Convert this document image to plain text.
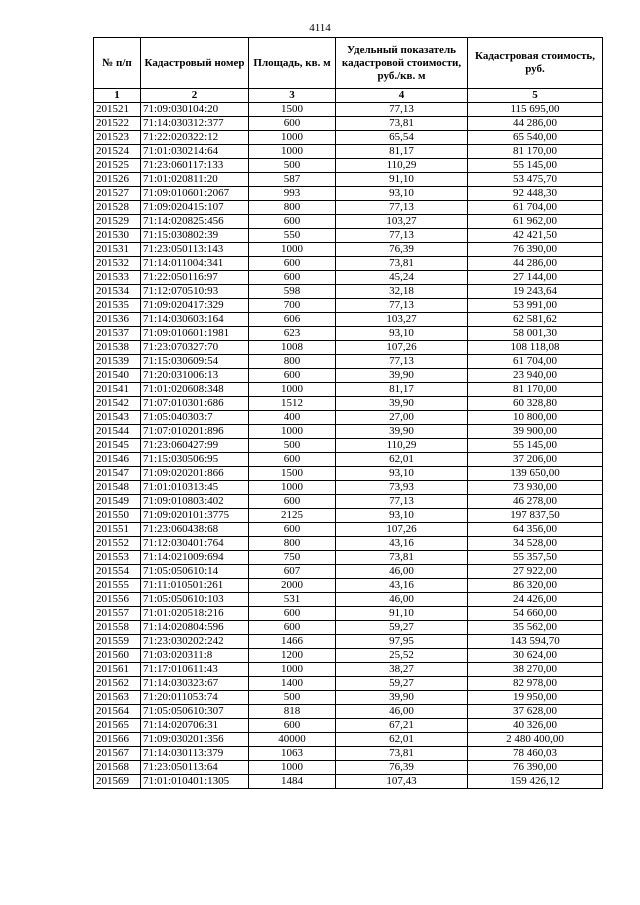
4114
№ п/п	Кадастровый номер	Площадь, кв. м	Удельный показатель кадастровой стоимости, руб./кв. м	Кадастровая стоимость, руб.
1	2	3	4	5
201521	71:09:030104:20	1500	77,13	115 695,00
201522	71:14:030312:377	600	73,81	44 286,00
201523	71:22:020322:12	1000	65,54	65 540,00
201524	71:01:030214:64	1000	81,17	81 170,00
201525	71:23:060117:133	500	110,29	55 145,00
201526	71:01:020811:20	587	91,10	53 475,70
201527	71:09:010601:2067	993	93,10	92 448,30
201528	71:09:020415:107	800	77,13	61 704,00
201529	71:14:020825:456	600	103,27	61 962,00
201530	71:15:030802:39	550	77,13	42 421,50
201531	71:23:050113:143	1000	76,39	76 390,00
201532	71:14:011004:341	600	73,81	44 286,00
201533	71:22:050116:97	600	45,24	27 144,00
201534	71:12:070510:93	598	32,18	19 243,64
201535	71:09:020417:329	700	77,13	53 991,00
201536	71:14:030603:164	606	103,27	62 581,62
201537	71:09:010601:1981	623	93,10	58 001,30
201538	71:23:070327:70	1008	107,26	108 118,08
201539	71:15:030609:54	800	77,13	61 704,00
201540	71:20:031006:13	600	39,90	23 940,00
201541	71:01:020608:348	1000	81,17	81 170,00
201542	71:07:010301:686	1512	39,90	60 328,80
201543	71:05:040303:7	400	27,00	10 800,00
201544	71:07:010201:896	1000	39,90	39 900,00
201545	71:23:060427:99	500	110,29	55 145,00
201546	71:15:030506:95	600	62,01	37 206,00
201547	71:09:020201:866	1500	93,10	139 650,00
201548	71:01:010313:45	1000	73,93	73 930,00
201549	71:09:010803:402	600	77,13	46 278,00
201550	71:09:020101:3775	2125	93,10	197 837,50
201551	71:23:060438:68	600	107,26	64 356,00
201552	71:12:030401:764	800	43,16	34 528,00
201553	71:14:021009:694	750	73,81	55 357,50
201554	71:05:050610:14	607	46,00	27 922,00
201555	71:11:010501:261	2000	43,16	86 320,00
201556	71:05:050610:103	531	46,00	24 426,00
201557	71:01:020518:216	600	91,10	54 660,00
201558	71:14:020804:596	600	59,27	35 562,00
201559	71:23:030202:242	1466	97,95	143 594,70
201560	71:03:020311:8	1200	25,52	30 624,00
201561	71:17:010611:43	1000	38,27	38 270,00
201562	71:14:030323:67	1400	59,27	82 978,00
201563	71:20:011053:74	500	39,90	19 950,00
201564	71:05:050610:307	818	46,00	37 628,00
201565	71:14:020706:31	600	67,21	40 326,00
201566	71:09:030201:356	40000	62,01	2 480 400,00
201567	71:14:030113:379	1063	73,81	78 460,03
201568	71:23:050113:64	1000	76,39	76 390,00
201569	71:01:010401:1305	1484	107,43	159 426,12
